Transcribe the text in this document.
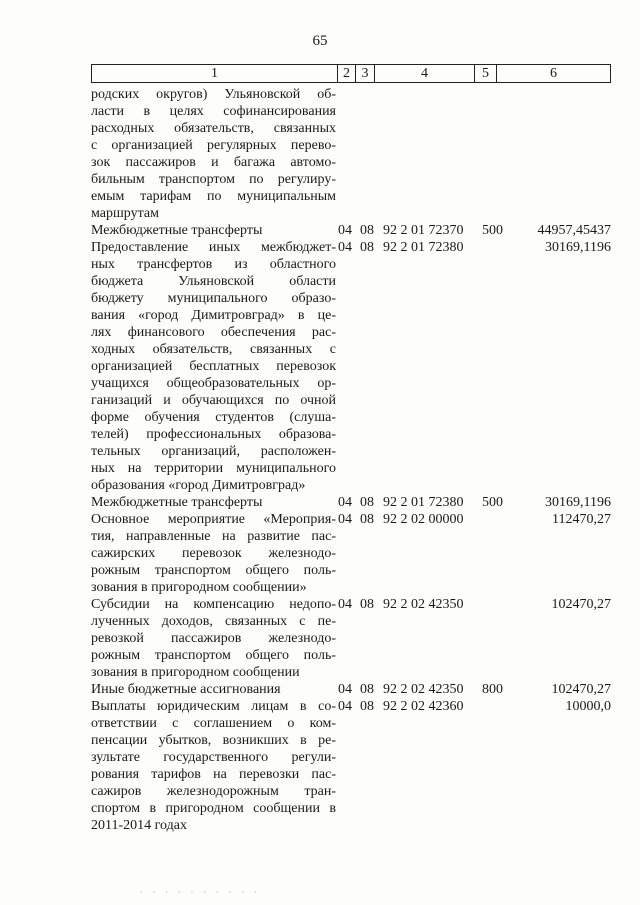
65
1	2 3	4	5	6
родских округов) Ульяновской об-
ласти в целях софинансирования
расходных обязательств, связанных
с организацией регулярных перево-
зок пассажиров и багажа автомо-
бильным транспортом по регулиру-
емым тарифам по муниципальным
маршрутам
Межбюджетные трансферты	04 08 92 2 01 72370 500	44957,45437
Предоставление иных межбюджет-
ных трансфертов из областного
бюджета Ульяновской области
бюджету муниципального образо-
вания «город Димитровград» в це-
лях финансового обеспечения рас-
ходных обязательств, связанных с
организацией бесплатных перевозок
учащихся общеобразовательных ор-
ганизаций и обучающихся по очной
форме обучения студентов (слуша-
телей) профессиональных образова-
тельных организаций, расположен-
ных на территории муниципального
образования «город Димитровград»
04 08 92 2 01 72380	30169,1196
Межбюджетные трансферты	04 08 92 2 01 72380 500	30169,1196
Основное мероприятие «Мероприя-
тия, направленные на развитие пас-
сажирских перевозок железнодо-
рожным транспортом общего поль-
зования в пригородном сообщении»
04 08 92 2 02 00000	112470,27
Субсидии на компенсацию недопо-
лученных доходов, связанных с пе-
ревозкой пассажиров железнодо-
рожным транспортом общего поль-
зования в пригородном сообщении
04 08 92 2 02 42350	102470,27
Иные бюджетные ассигнования	04 08 92 2 02 42350 800	102470,27
Выплаты юридическим лицам в со-
ответствии с соглашением о ком-
пенсации убытков, возникших в ре-
зультате государственного регули-
рования тарифов на перевозки пас-
сажиров железнодорожным тран-
спортом в пригородном сообщении в
2011-2014 годах
04 08 92 2 02 42360	10000,0
· · · · · · · · · ·
